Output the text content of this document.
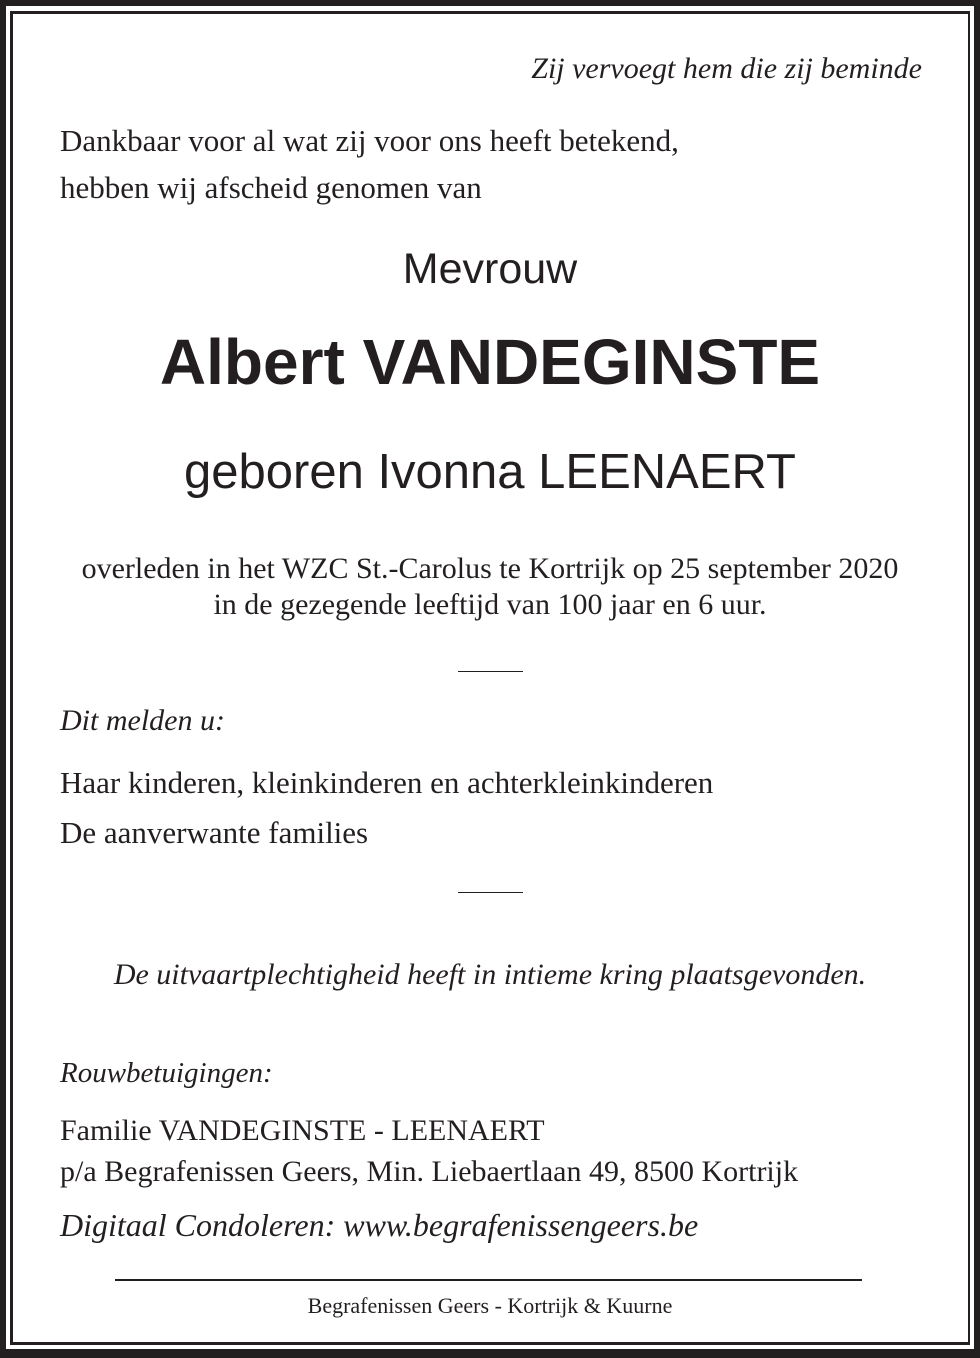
Zij vervoegt hem die zij beminde
Dankbaar voor al wat zij voor ons heeft betekend,
hebben wij afscheid genomen van
Mevrouw
Albert VANDEGINSTE
geboren Ivonna LEENAERT
overleden in het WZC St.-Carolus te Kortrijk op 25 september 2020
in de gezegende leeftijd van 100 jaar en 6 uur.
Dit melden u:
Haar kinderen, kleinkinderen en achterkleinkinderen
De aanverwante families
De uitvaartplechtigheid heeft in intieme kring plaatsgevonden.
Rouwbetuigingen:
Familie VANDEGINSTE - LEENAERT
p/a Begrafenissen Geers, Min. Liebaertlaan 49, 8500 Kortrijk
Digitaal Condoleren: www.begrafenissengeers.be
Begrafenissen Geers - Kortrijk & Kuurne
